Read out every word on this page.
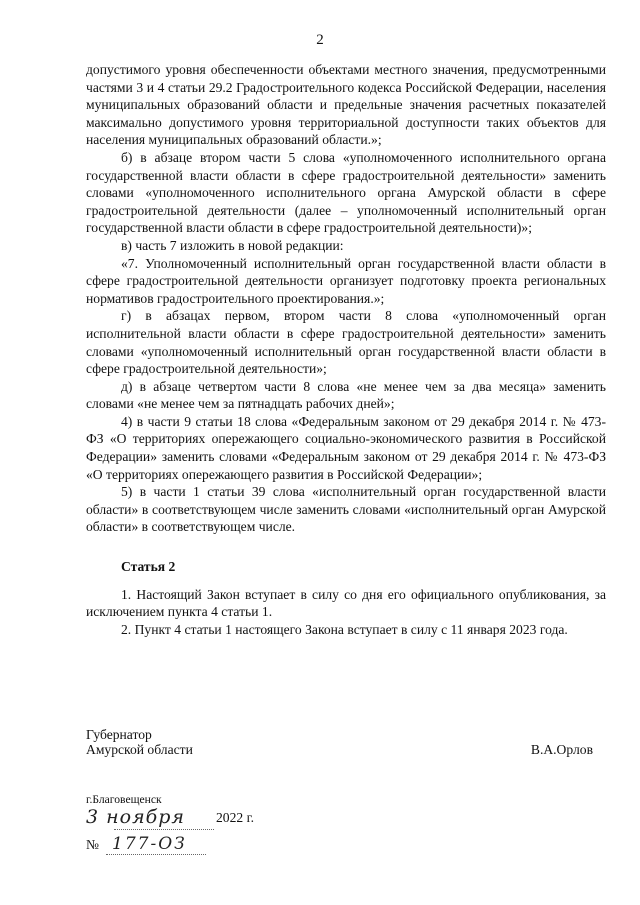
2

допустимого уровня обеспеченности объектами местного значения, предусмотренными частями 3 и 4 статьи 29.2 Градостроительного кодекса Российской Федерации, населения муниципальных образований области и предельные значения расчетных показателей максимально допустимого уровня территориальной доступности таких объектов для населения муниципальных образований области.»;

б) в абзаце втором части 5 слова «уполномоченного исполнительного органа государственной власти области в сфере градостроительной деятельности» заменить словами «уполномоченного исполнительного органа Амурской области в сфере градостроительной деятельности (далее – уполномоченный исполнительный орган государственной власти области в сфере градостроительной деятельности)»;

в) часть 7 изложить в новой редакции:

«7. Уполномоченный исполнительный орган государственной власти области в сфере градостроительной деятельности организует подготовку проекта региональных нормативов градостроительного проектирования.»;

г) в абзацах первом, втором части 8 слова «уполномоченный орган исполнительной власти области в сфере градостроительной деятельности» заменить словами «уполномоченный исполнительный орган государственной власти области в сфере градостроительной деятельности»;

д) в абзаце четвертом части 8 слова «не менее чем за два месяца» заменить словами «не менее чем за пятнадцать рабочих дней»;

4) в части 9 статьи 18 слова «Федеральным законом от 29 декабря 2014 г. № 473-ФЗ «О территориях опережающего социально-экономического развития в Российской Федерации» заменить словами «Федеральным законом от 29 декабря 2014 г. № 473-ФЗ «О территориях опережающего развития в Российской Федерации»;

5) в части 1 статьи 39 слова «исполнительный орган государственной власти области» в соответствующем числе заменить словами «исполнительный орган Амурской области» в соответствующем числе.

Статья 2

1. Настоящий Закон вступает в силу со дня его официального опубликования, за исключением пункта 4 статьи 1.

2. Пункт 4 статьи 1 настоящего Закона вступает в силу с 11 января 2023 года.

Губернатор
Амурской области	В.А.Орлов
г.Благовещенск
3 ноября 2022 г.
№ 177-ОЗ
